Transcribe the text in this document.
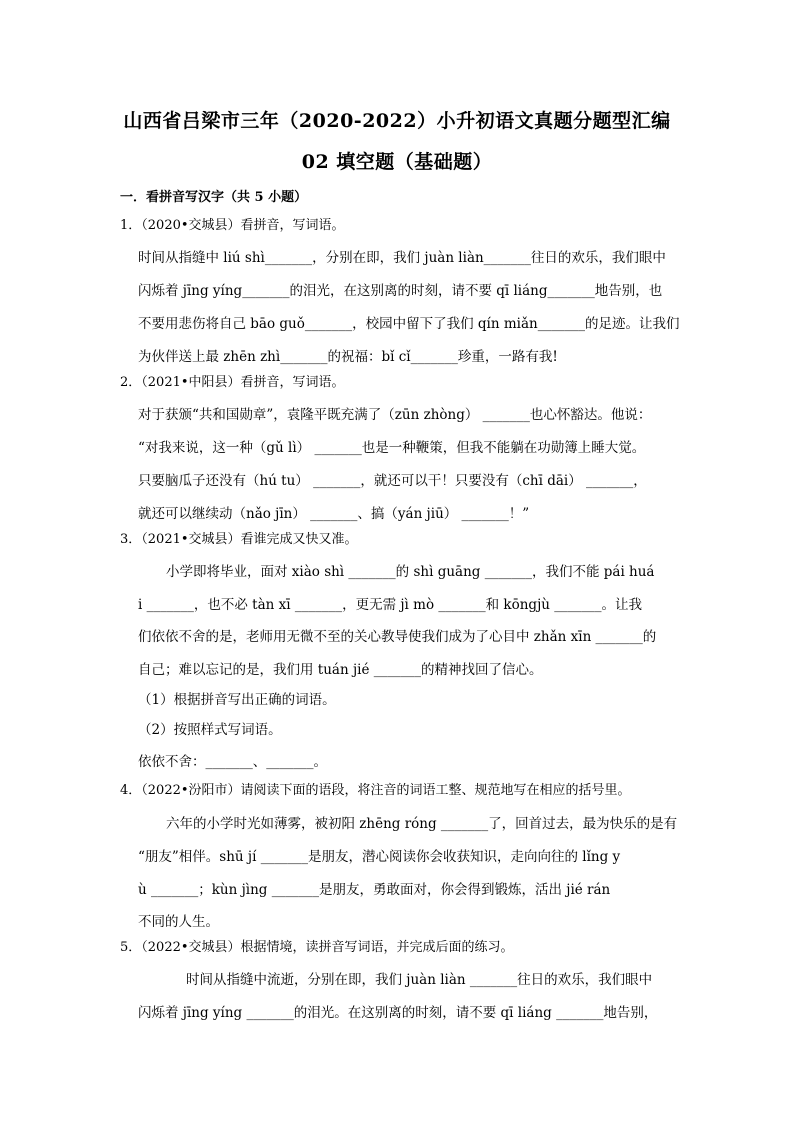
山西省吕梁市三年（2020-2022）小升初语文真题分题型汇编
02 填空题（基础题）
一．看拼音写汉字（共 5 小题）
1．（2020•交城县）看拼音，写词语。
时间从指缝中 liú shì_______，分别在即，我们 juàn liàn_______往日的欢乐，我们眼中
闪烁着 jīng yíng_______的泪光，在这别离的时刻，请不要 qī liáng_______地告别，也
不要用悲伤将自己 bāo guǒ_______，校园中留下了我们 qín miǎn_______的足迹。让我们
为伙伴送上最 zhēn zhì_______的祝福：bǐ cǐ_______珍重，一路有我!
2．（2021•中阳县）看拼音，写词语。
对于获颁“共和国勋章”，袁隆平既充满了（zūn zhòng） _______也心怀豁达。他说：
“对我来说，这一种（gǔ lì） _______也是一种鞭策，但我不能躺在功勋簿上睡大觉。
只要脑瓜子还没有（hú tu） _______，就还可以干！只要没有（chī dāi） _______，
就还可以继续动（nǎo jīn） _______、搞（yán jiū） _______！”
3．（2021•交城县）看谁完成又快又准。
小学即将毕业，面对 xiào shì _______的 shì guāng _______，我们不能 pái huá
i _______，也不必 tàn xī _______，更无需 jì mò _______和 kōngjù _______。让我
们依依不舍的是，老师用无微不至的关心教导使我们成为了心目中 zhǎn xīn _______的
自己；难以忘记的是，我们用 tuán jié _______的精神找回了信心。
（1）根据拼音写出正确的词语。
（2）按照样式写词语。
依依不舍：_______、_______。
4．（2022•汾阳市）请阅读下面的语段，将注音的词语工整、规范地写在相应的括号里。
六年的小学时光如薄雾，被初阳 zhēng róng _______了，回首过去，最为快乐的是有
“朋友”相伴。shū jí _______是朋友，潜心阅读你会收获知识，走向向往的 lǐng y
ù _______；kùn jìng _______是朋友，勇敢面对，你会得到锻炼，活出 jié rán
不同的人生。
5．（2022•交城县）根据情境，读拼音写词语，并完成后面的练习。
时间从指缝中流逝，分别在即，我们 juàn liàn _______往日的欢乐，我们眼中
闪烁着 jīng yíng _______的泪光。在这别离的时刻，请不要 qī liáng _______地告别，
